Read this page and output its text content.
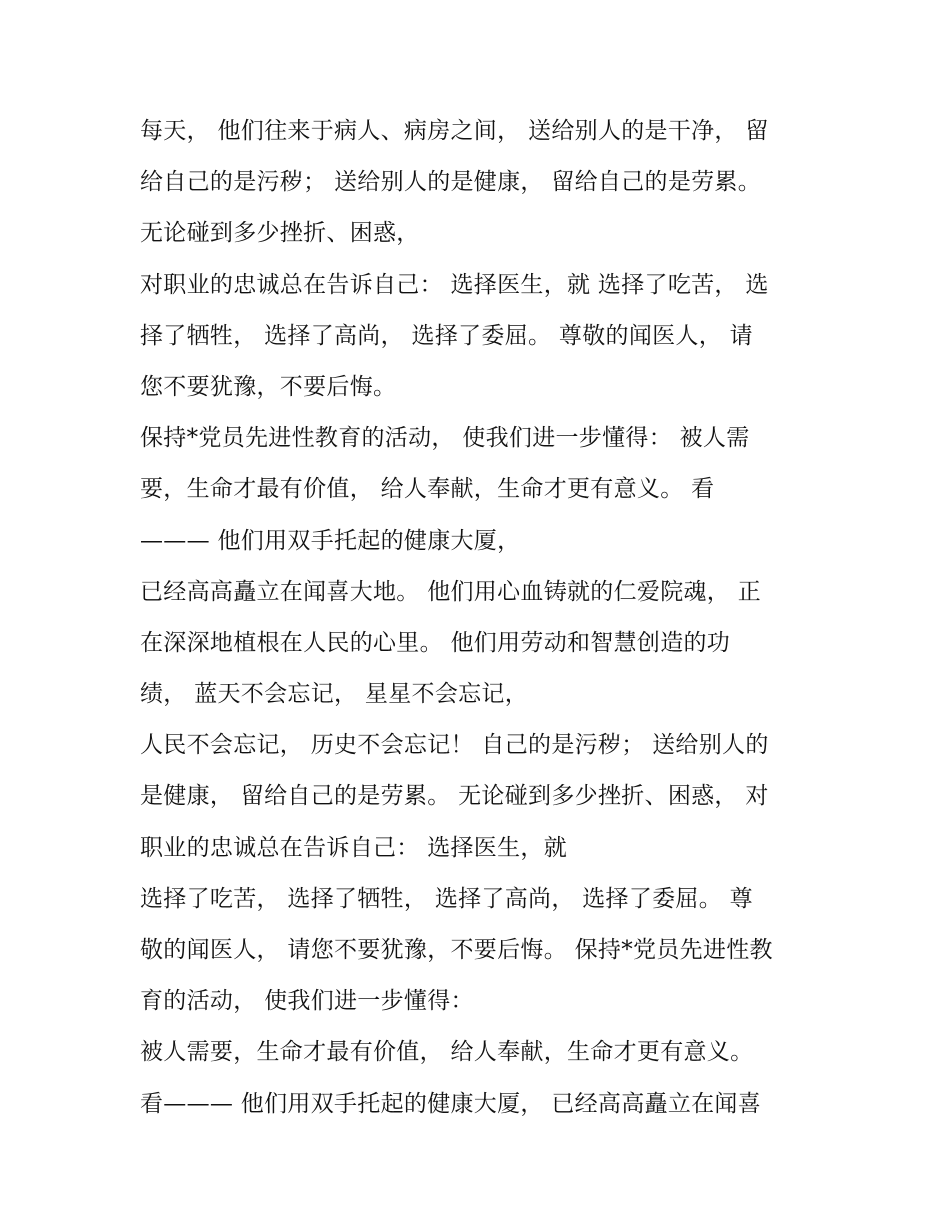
每天， 他们往来于病人、病房之间， 送给别人的是干净， 留
给自己的是污秽； 送给别人的是健康， 留给自己的是劳累。
无论碰到多少挫折、困惑，
对职业的忠诚总在告诉自己： 选择医生，就 选择了吃苦， 选
择了牺牲， 选择了高尚， 选择了委屈。 尊敬的闻医人， 请
您不要犹豫，不要后悔。
保持*党员先进性教育的活动， 使我们进一步懂得： 被人需
要，生命才最有价值， 给人奉献，生命才更有意义。 看
——— 他们用双手托起的健康大厦，
已经高高矗立在闻喜大地。 他们用心血铸就的仁爱院魂， 正
在深深地植根在人民的心里。 他们用劳动和智慧创造的功
绩， 蓝天不会忘记， 星星不会忘记，
人民不会忘记， 历史不会忘记！ 自己的是污秽； 送给别人的
是健康， 留给自己的是劳累。 无论碰到多少挫折、困惑， 对
职业的忠诚总在告诉自己： 选择医生，就
选择了吃苦， 选择了牺牲， 选择了高尚， 选择了委屈。 尊
敬的闻医人， 请您不要犹豫，不要后悔。 保持*党员先进性教
育的活动， 使我们进一步懂得：
被人需要，生命才最有价值， 给人奉献，生命才更有意义。
看——— 他们用双手托起的健康大厦， 已经高高矗立在闻喜
